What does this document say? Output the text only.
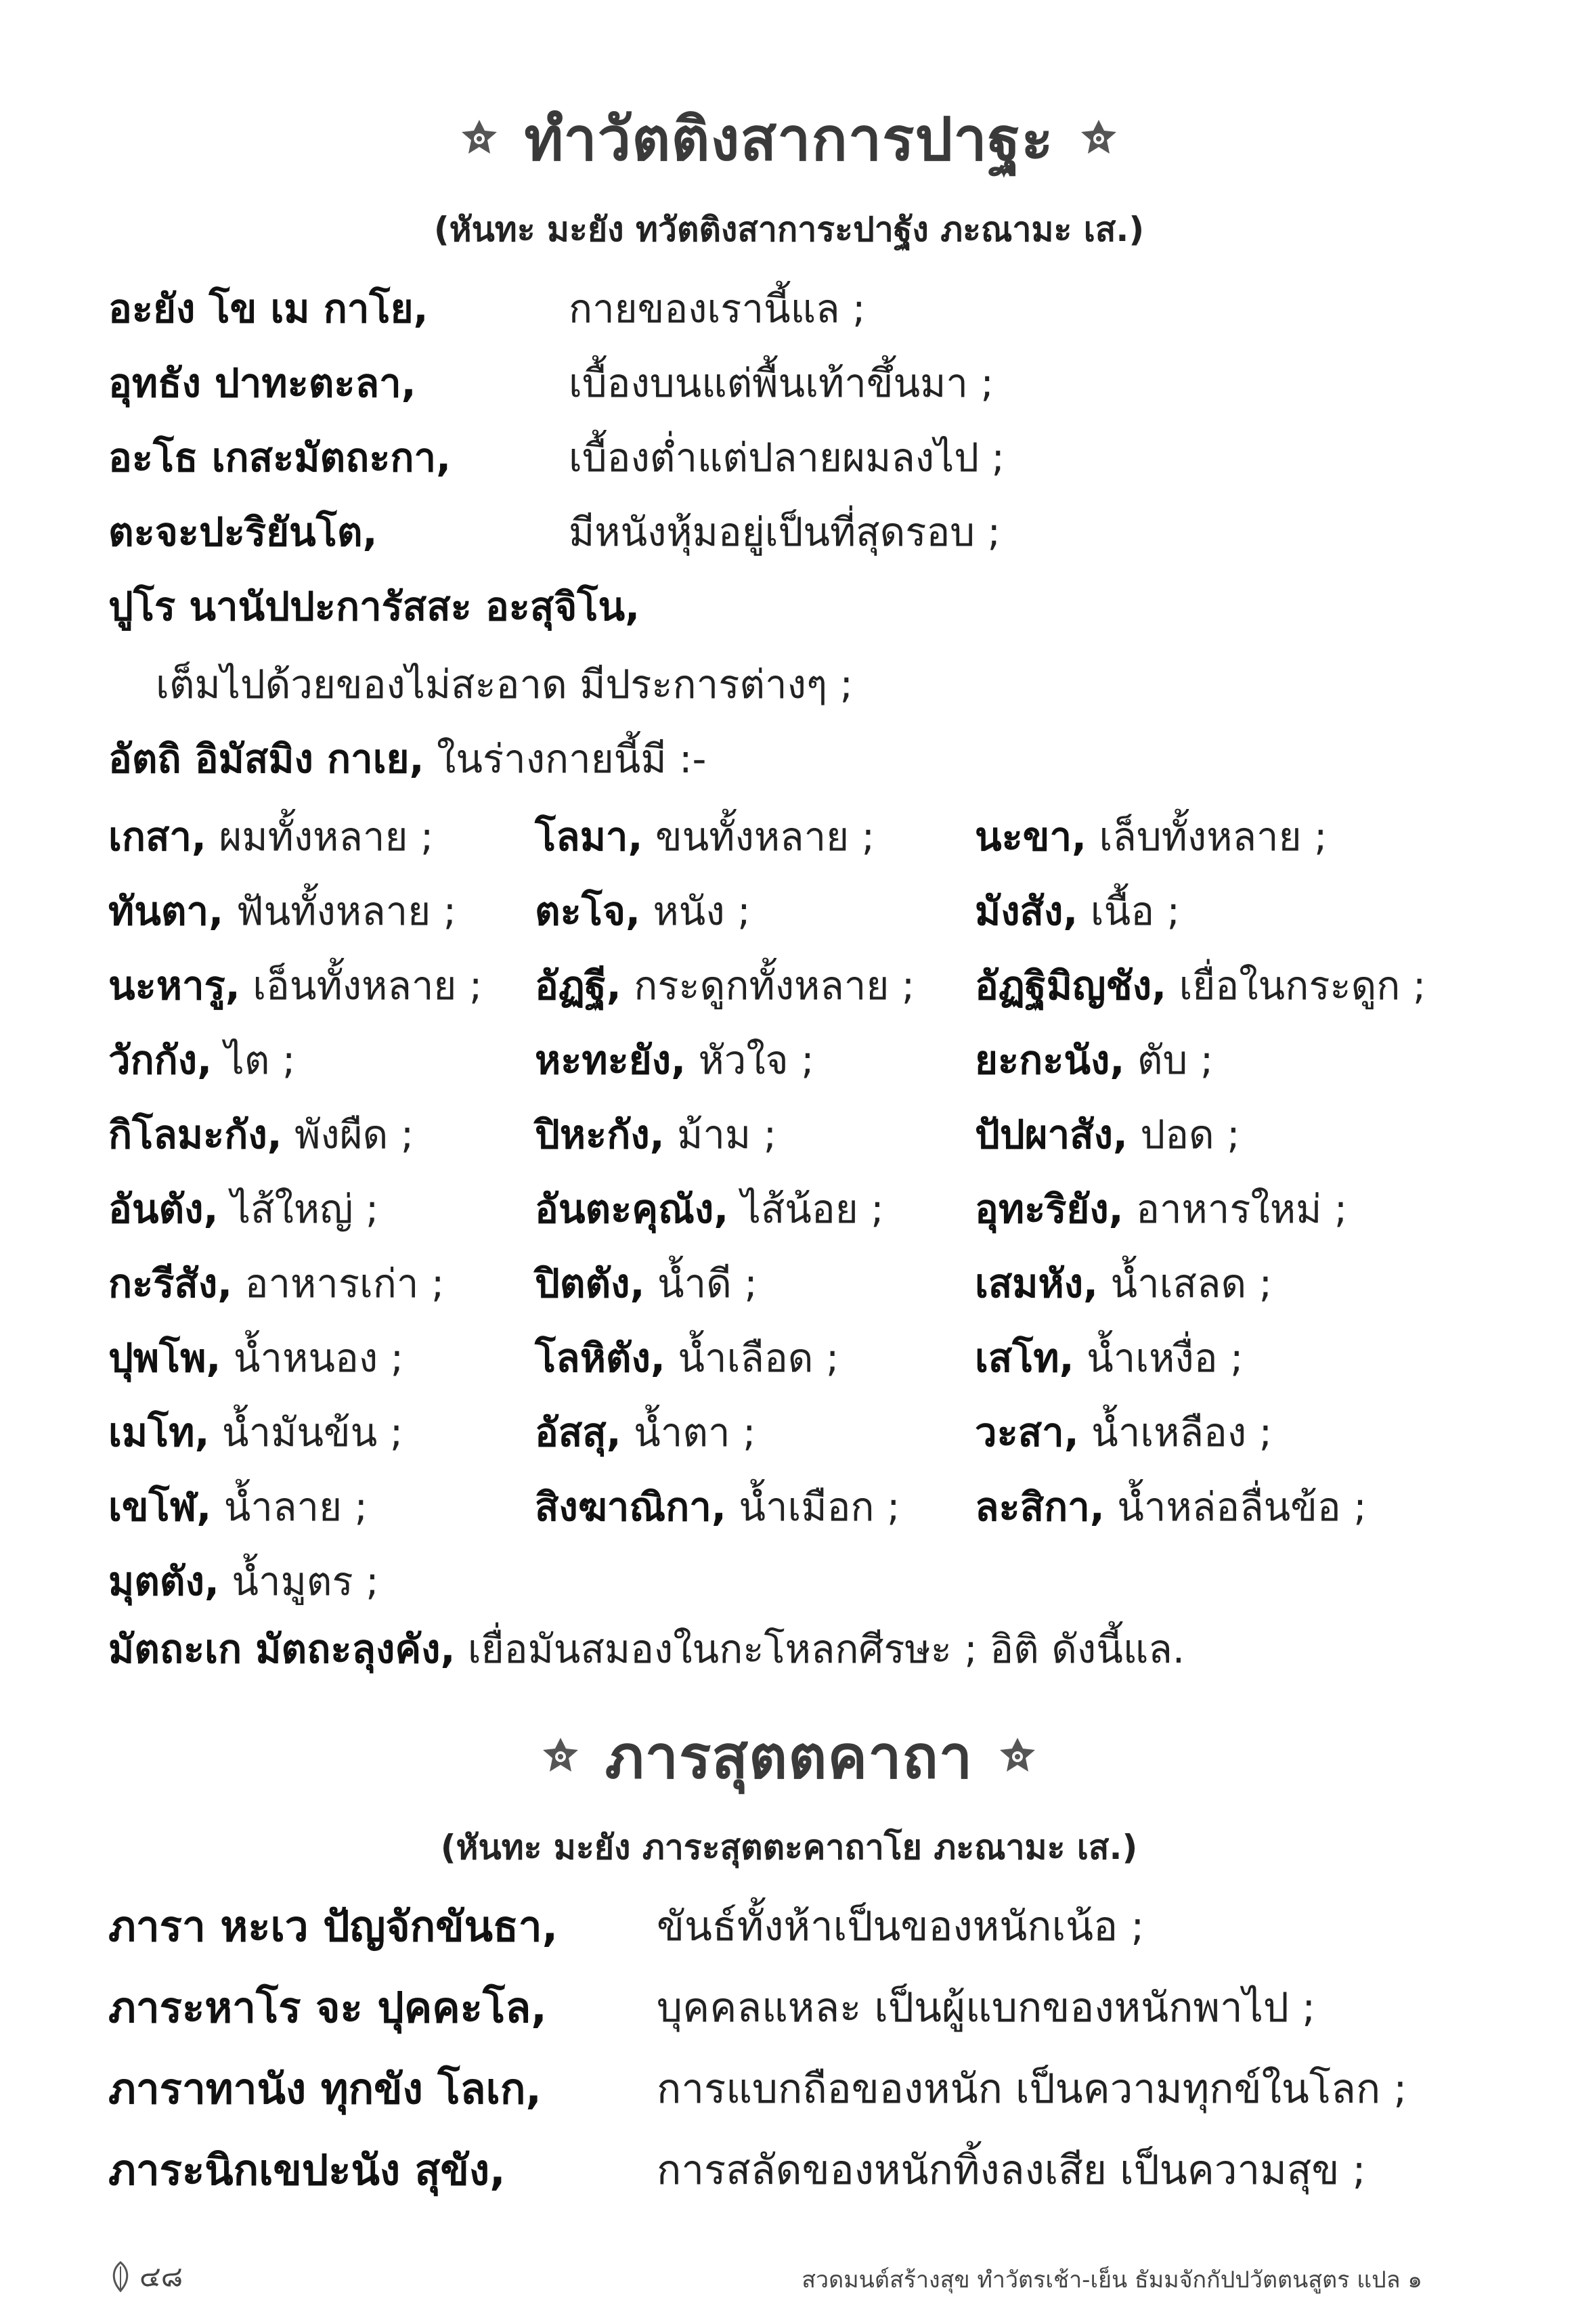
ทำวัตติงสาการปาฐะ
(หันทะ มะยัง ทวัตติงสาการะปาฐัง ภะณามะ เส.)
อะยัง โข เม กาโย,	กายของเรานี้แล ;
อุทธัง ปาทะตะลา,	เบื้องบนแต่พื้นเท้าขึ้นมา ;
อะโธ เกสะมัตถะกา,	เบื้องต่ำแต่ปลายผมลงไป ;
ตะจะปะริยันโต,	มีหนังหุ้มอยู่เป็นที่สุดรอบ ;
ปูโร นานัปปะการัสสะ อะสุจิโน,
เต็มไปด้วยของไม่สะอาด มีประการต่างๆ ;
อัตถิ อิมัสมิง กาเย, ในร่างกายนี้มี :-
เกสา, ผมทั้งหลาย ;	โลมา, ขนทั้งหลาย ;	นะขา, เล็บทั้งหลาย ;
ทันตา, ฟันทั้งหลาย ; ตะโจ, หนัง ;	มังสัง, เนื้อ ;
นะหารู, เอ็นทั้งหลาย ; อัฏฐี, กระดูกทั้งหลาย ; อัฏฐิมิญชัง, เยื่อในกระดูก ;
วักกัง, ไต ;	หะทะยัง, หัวใจ ;	ยะกะนัง, ตับ ;
กิโลมะกัง, พังผืด ;	ปิหะกัง, ม้าม ;	ปัปผาสัง, ปอด ;
อันตัง, ไส้ใหญ่ ;	อันตะคุณัง, ไส้น้อย ; อุทะริยัง, อาหารใหม่ ;
กะรีสัง, อาหารเก่า ; ปิตตัง, น้ำดี ;	เสมหัง, น้ำเสลด ;
ปุพโพ, น้ำหนอง ;	โลหิตัง, น้ำเลือด ;	เสโท, น้ำเหงื่อ ;
เมโท, น้ำมันข้น ;	อัสสุ, น้ำตา ;	วะสา, น้ำเหลือง ;
เขโฬ, น้ำลาย ;	สิงฆาณิกา, น้ำเมือก ; ละสิกา, น้ำหล่อลื่นข้อ ;
มุตตัง, น้ำมูตร ;
มัตถะเก มัตถะลุงคัง, เยื่อมันสมองในกะโหลกศีรษะ ; อิติ ดังนี้แล.
ภารสุตตคาถา
(หันทะ มะยัง ภาระสุตตะคาถาโย ภะณามะ เส.)
ภารา หะเว ปัญจักขันธา, ขันธ์ทั้งห้าเป็นของหนักเน้อ ;
ภาระหาโร จะ ปุคคะโล,	บุคคลแหละ เป็นผู้แบกของหนักพาไป ;
ภาราทานัง ทุกขัง โลเก,	การแบกถือของหนัก เป็นความทุกข์ในโลก ;
ภาระนิกเขปะนัง สุขัง,	การสลัดของหนักทิ้งลงเสีย เป็นความสุข ;
๔๘	สวดมนต์สร้างสุข ทำวัตรเช้า-เย็น ธัมมจักกัปปวัตตนสูตร แปล ๑
